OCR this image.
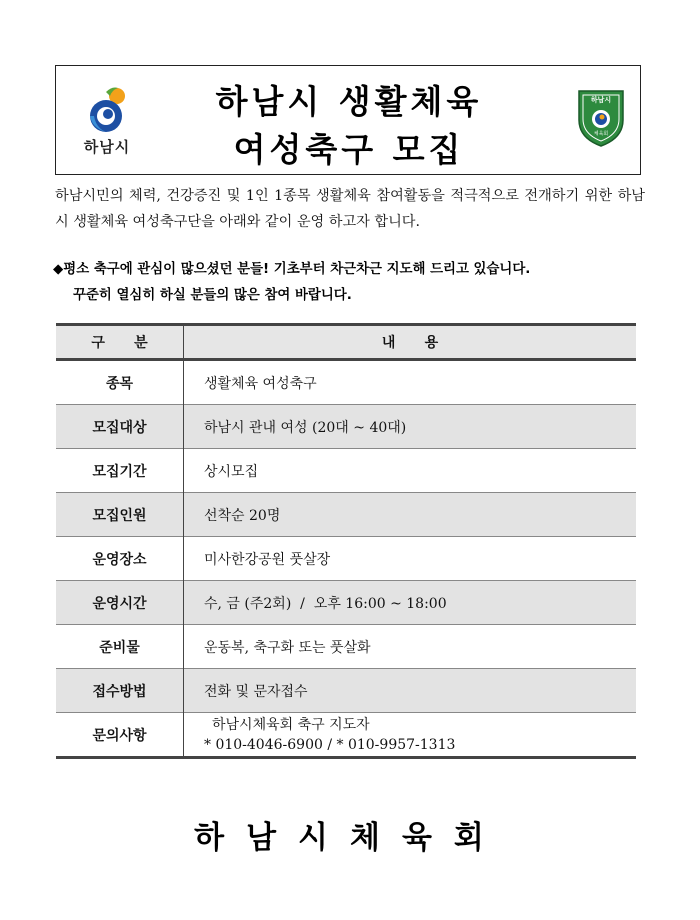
하남시
하남시 생활체육
여성축구 모집
하남시
체육회
하남시민의 체력, 건강증진 및 1인 1종목 생활체육 참여활동을 적극적으로 전개하기 위한 하남시 생활체육 여성축구단을 아래와 같이 운영 하고자 합니다.
◆평소 축구에 관심이 많으셨던 분들! 기초부터 차근차근 지도해 드리고 있습니다.
꾸준히 열심히 하실 분들의 많은 참여 바랍니다.
구      분	내      용
종목	생활체육 여성축구
모집대상	하남시 관내 여성 (20대 ~ 40대)
모집기간	상시모집
모집인원	선착순 20명
운영장소	미사한강공원 풋살장
운영시간	수, 금 (주2회)  /  오후 16:00 ~ 18:00
준비물	운동복, 축구화 또는 풋살화
접수방법	전화 및 문자접수
문의사항	하남시체육회 축구 지도자
* 010-4046-6900 / * 010-9957-1313
하남시체육회
